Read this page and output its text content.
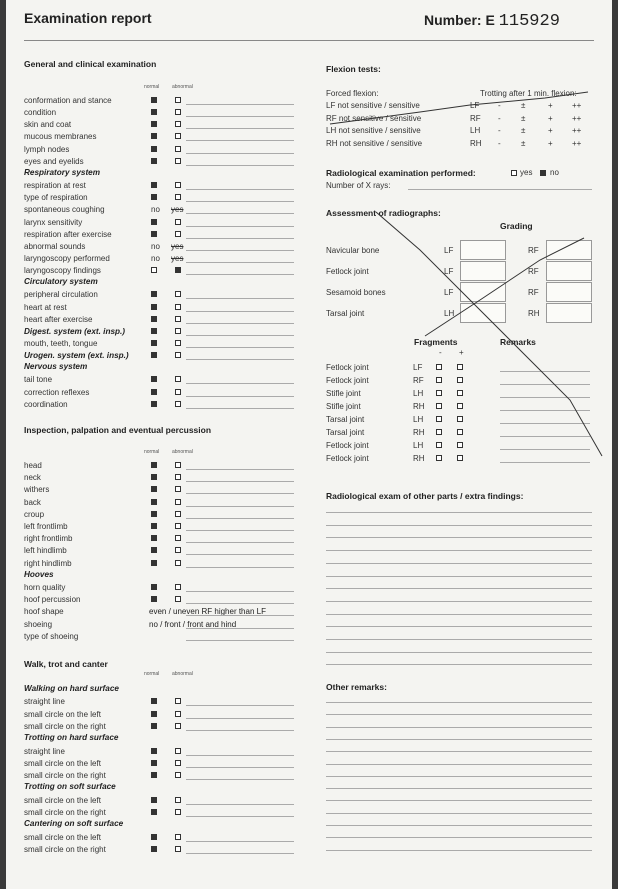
Examination report	Number: E 115929
General and clinical examination
normal	abnormal
conformation and stance
condition
skin and coat
mucous membranes
lymph nodes
eyes and eyelids
Respiratory system
respiration at rest
type of respiration
spontaneous coughing	no yes
larynx sensitivity
respiration after exercise
abnormal sounds	no yes
laryngoscopy performed	no yes
laryngoscopy findings
Circulatory system
peripheral circulation
heart at rest
heart after exercise
Digest. system (ext. insp.)
mouth, teeth, tongue
Urogen. system (ext. insp.)
Nervous system
tail tone
correction reflexes
coordination
Inspection, palpation and eventual percussion
normal	abnormal
head
neck
withers
back
croup
left frontlimb
right frontlimb
left hindlimb
right hindlimb
Hooves
horn quality
hoof percussion
hoof shape	even / uneven RF higher than LF
shoeing	no / front / front and hind
type of shoeing
Walk, trot and canter
normal	abnormal
Walking on hard surface
straight line
small circle on the left
small circle on the right
Trotting on hard surface
straight line
small circle on the left
small circle on the right
Trotting on soft surface
small circle on the left
small circle on the right
Cantering on soft surface
small circle on the left
small circle on the right
Flexion tests:
Forced flexion:	Trotting after 1 min. flexion:
LF not sensitive / sensitive	LF -	±	+ ++
RF not sensitive / sensitive	RF -	±	+ ++
LH not sensitive / sensitive	LH -	±	+ ++
RH not sensitive / sensitive	RH -	±	+ ++
Radiological examination performed:	yes no
Number of X rays:
Assessment of radiographs:
Grading
Navicular bone	LF	RF
Fetlock joint	LF	RF
Sesamoid bones	LF	RF
Tarsal joint	LH	RH
Fragments	Remarks
- +
Fetlock joint	LF
Fetlock joint	RF
Stifle joint	LH
Stifle joint	RH
Tarsal joint	LH
Tarsal joint	RH
Fetlock joint	LH
Fetlock joint	RH
Radiological exam of other parts / extra findings:
Other remarks:
